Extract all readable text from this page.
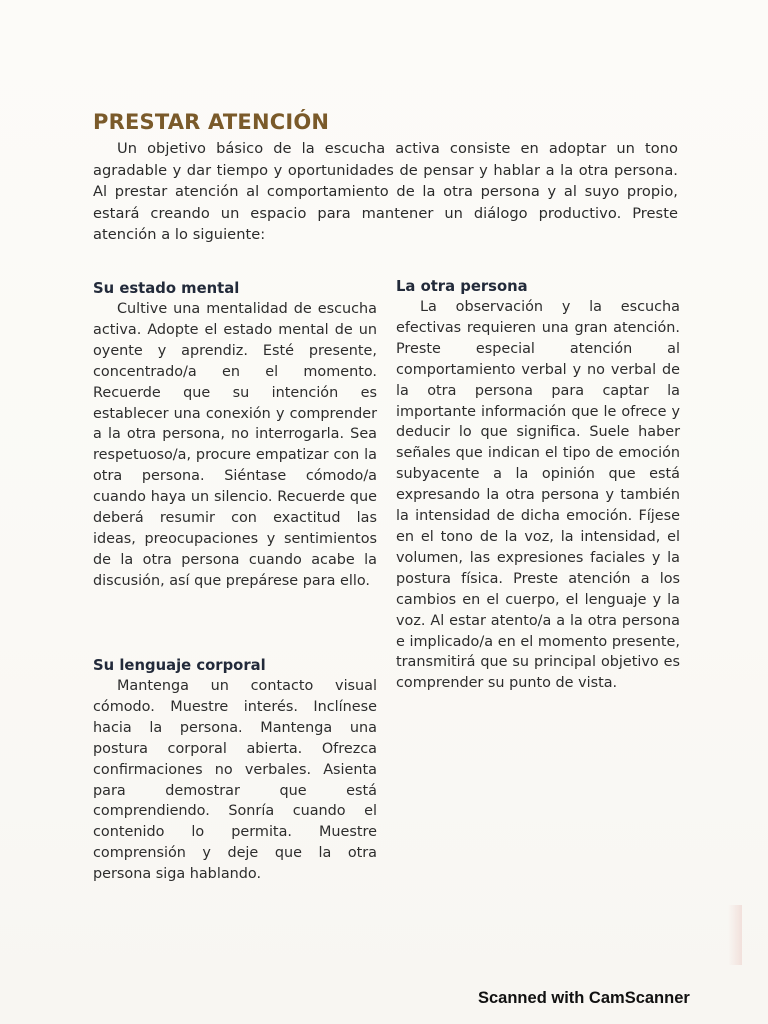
PRESTAR ATENCIÓN

Un objetivo básico de la escucha activa consiste en adoptar un tono agradable y dar tiempo y oportunidades de pensar y hablar a la otra persona. Al prestar atención al comportamiento de la otra persona y al suyo propio, estará creando un espacio para mantener un diálogo productivo. Preste atención a lo siguiente:

Su estado mental

Cultive una mentalidad de escucha activa. Adopte el estado mental de un oyente y aprendiz. Esté presente, concentrado/a en el momento. Recuerde que su intención es establecer una conexión y comprender a la otra persona, no interrogarla. Sea respetuoso/a, procure empatizar con la otra persona. Siéntase cómodo/a cuando haya un silencio. Recuerde que deberá resumir con exactitud las ideas, preocupaciones y sentimientos de la otra persona cuando acabe la discusión, así que prepárese para ello.

Su lenguaje corporal

Mantenga un contacto visual cómodo. Muestre interés. Inclínese hacia la persona. Mantenga una postura corporal abierta. Ofrezca confirmaciones no verbales. Asienta para demostrar que está comprendiendo. Sonría cuando el contenido lo permita. Muestre comprensión y deje que la otra persona siga hablando.

La otra persona

La observación y la escucha efectivas requieren una gran atención. Preste especial atención al comportamiento verbal y no verbal de la otra persona para captar la importante información que le ofrece y deducir lo que significa. Suele haber señales que indican el tipo de emoción subyacente a la opinión que está expresando la otra persona y también la intensidad de dicha emoción. Fíjese en el tono de la voz, la intensidad, el volumen, las expresiones faciales y la postura física. Preste atención a los cambios en el cuerpo, el lenguaje y la voz. Al estar atento/a a la otra persona e implicado/a en el momento presente, transmitirá que su principal objetivo es comprender su punto de vista.

Scanned with CamScanner
